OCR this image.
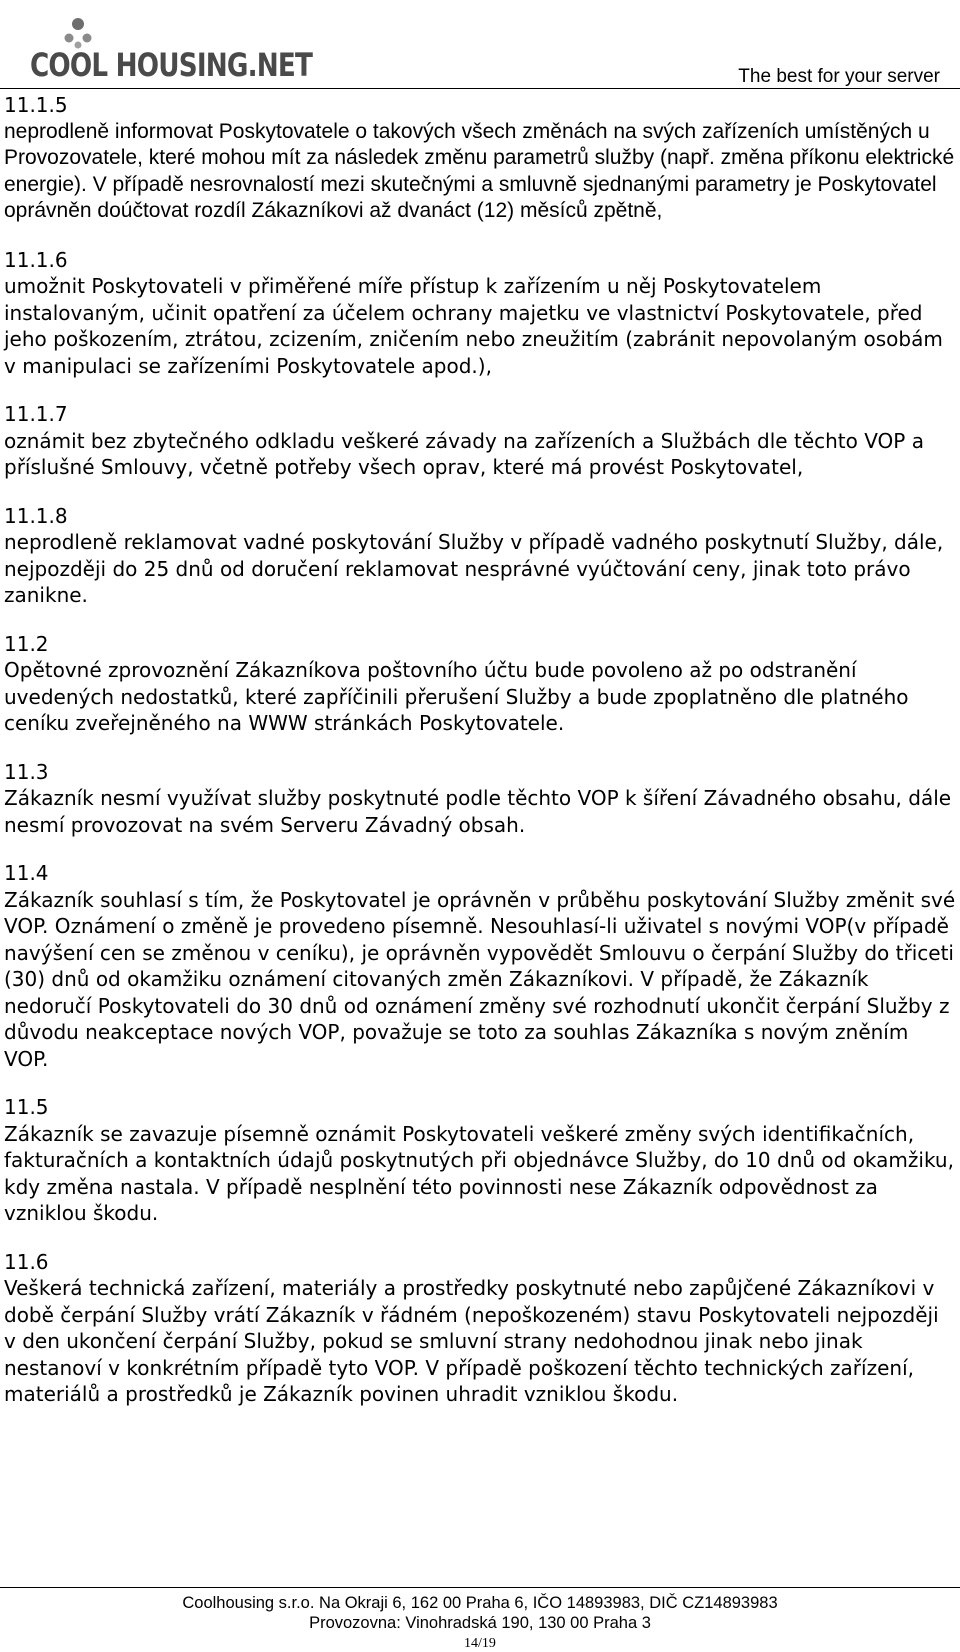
COOL HOUSING.NET	The best for your server
11.1.5
neprodleně informovat Poskytovatele o takových všech změnách na svých zařízeních umístěných u Provozovatele, které mohou mít za následek změnu parametrů služby (např. změna příkonu elektrické energie). V případě nesrovnalostí mezi skutečnými a smluvně sjednanými parametry je Poskytovatel oprávněn doúčtovat rozdíl Zákazníkovi až dvanáct (12) měsíců zpětně,
11.1.6
umožnit Poskytovateli v přiměřené míře přístup k zařízením u něj Poskytovatelem instalovaným, učinit opatření za účelem ochrany majetku ve vlastnictví Poskytovatele, před jeho poškozením, ztrátou, zcizením, zničením nebo zneužitím (zabránit nepovolaným osobám v manipulaci se zařízeními Poskytovatele apod.),
11.1.7
oznámit bez zbytečného odkladu veškeré závady na zařízeních a Službách dle těchto VOP a příslušné Smlouvy, včetně potřeby všech oprav, které má provést Poskytovatel,
11.1.8
neprodleně reklamovat vadné poskytování Služby v případě vadného poskytnutí Služby, dále, nejpozději do 25 dnů od doručení reklamovat nesprávné vyúčtování ceny, jinak toto právo zanikne.
11.2
Opětovné zprovoznění Zákazníkova poštovního účtu bude povoleno až po odstranění uvedených nedostatků, které zapříčinili přerušení Služby a bude zpoplatněno dle platného ceníku zveřejněného na WWW stránkách Poskytovatele.
11.3
Zákazník nesmí využívat služby poskytnuté podle těchto VOP k šíření Závadného obsahu, dále nesmí provozovat na svém Serveru Závadný obsah.
11.4
Zákazník souhlasí s tím, že Poskytovatel je oprávněn v průběhu poskytování Služby změnit své VOP. Oznámení o změně je provedeno písemně. Nesouhlasí-li uživatel s novými VOP(v případě navýšení cen se změnou v ceníku), je oprávněn vypovědět Smlouvu o čerpání Služby do třiceti (30) dnů od okamžiku oznámení citovaných změn Zákazníkovi. V případě, že Zákazník nedoručí Poskytovateli do 30 dnů od oznámení změny své rozhodnutí ukončit čerpání Služby z důvodu neakceptace nových VOP, považuje se toto za souhlas Zákazníka s novým zněním VOP.
11.5
Zákazník se zavazuje písemně oznámit Poskytovateli veškeré změny svých identifikačních, fakturačních a kontaktních údajů poskytnutých při objednávce Služby, do 10 dnů od okamžiku, kdy změna nastala. V případě nesplnění této povinnosti nese Zákazník odpovědnost za vzniklou škodu.
11.6
Veškerá technická zařízení, materiály a prostředky poskytnuté nebo zapůjčené Zákazníkovi v době čerpání Služby vrátí Zákazník v řádném (nepoškozeném) stavu Poskytovateli nejpozději v den ukončení čerpání Služby, pokud se smluvní strany nedohodnou jinak nebo jinak nestanoví v konkrétním případě tyto VOP. V případě poškození těchto technických zařízení, materiálů a prostředků je Zákazník povinen uhradit vzniklou škodu.
Coolhousing s.r.o. Na Okraji 6, 162 00 Praha 6, IČO 14893983, DIČ CZ14893983
Provozovna: Vinohradská 190, 130 00 Praha 3
14/19
